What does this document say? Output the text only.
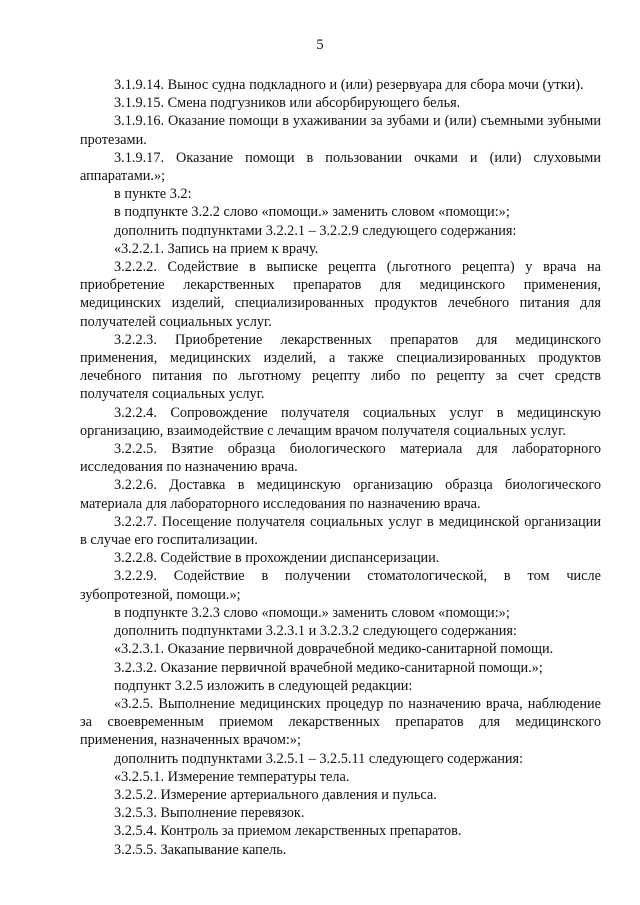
5

3.1.9.14. Вынос судна подкладного и (или) резервуара для сбора мочи (утки).

3.1.9.15. Смена подгузников или абсорбирующего белья.

3.1.9.16. Оказание помощи в ухаживании за зубами и (или) съемными зубными протезами.

3.1.9.17. Оказание помощи в пользовании очками и (или) слуховыми аппаратами.»;

в пункте 3.2:

в подпункте 3.2.2 слово «помощи.» заменить словом «помощи:»;

дополнить подпунктами 3.2.2.1 – 3.2.2.9 следующего содержания:

«3.2.2.1. Запись на прием к врачу.

3.2.2.2. Содействие в выписке рецепта (льготного рецепта) у врача на приобретение лекарственных препаратов для медицинского применения, медицинских изделий, специализированных продуктов лечебного питания для получателей социальных услуг.

3.2.2.3. Приобретение лекарственных препаратов для медицинского применения, медицинских изделий, а также специализированных продуктов лечебного питания по льготному рецепту либо по рецепту за счет средств получателя социальных услуг.

3.2.2.4. Сопровождение получателя социальных услуг в медицинскую организацию, взаимодействие с лечащим врачом получателя социальных услуг.

3.2.2.5. Взятие образца биологического материала для лабораторного исследования по назначению врача.

3.2.2.6. Доставка в медицинскую организацию образца биологического материала для лабораторного исследования по назначению врача.

3.2.2.7. Посещение получателя социальных услуг в медицинской организации в случае его госпитализации.

3.2.2.8. Содействие в прохождении диспансеризации.

3.2.2.9. Содействие в получении стоматологической, в том числе зубопротезной, помощи.»;

в подпункте 3.2.3 слово «помощи.» заменить словом «помощи:»;

дополнить подпунктами 3.2.3.1 и 3.2.3.2 следующего содержания:

«3.2.3.1. Оказание первичной доврачебной медико-санитарной помощи.

3.2.3.2. Оказание первичной врачебной медико-санитарной помощи.»;

подпункт 3.2.5 изложить в следующей редакции:

«3.2.5. Выполнение медицинских процедур по назначению врача, наблюдение за своевременным приемом лекарственных препаратов для медицинского применения, назначенных врачом:»;

дополнить подпунктами 3.2.5.1 – 3.2.5.11 следующего содержания:

«3.2.5.1. Измерение температуры тела.

3.2.5.2. Измерение артериального давления и пульса.

3.2.5.3. Выполнение перевязок.

3.2.5.4. Контроль за приемом лекарственных препаратов.

3.2.5.5. Закапывание капель.
